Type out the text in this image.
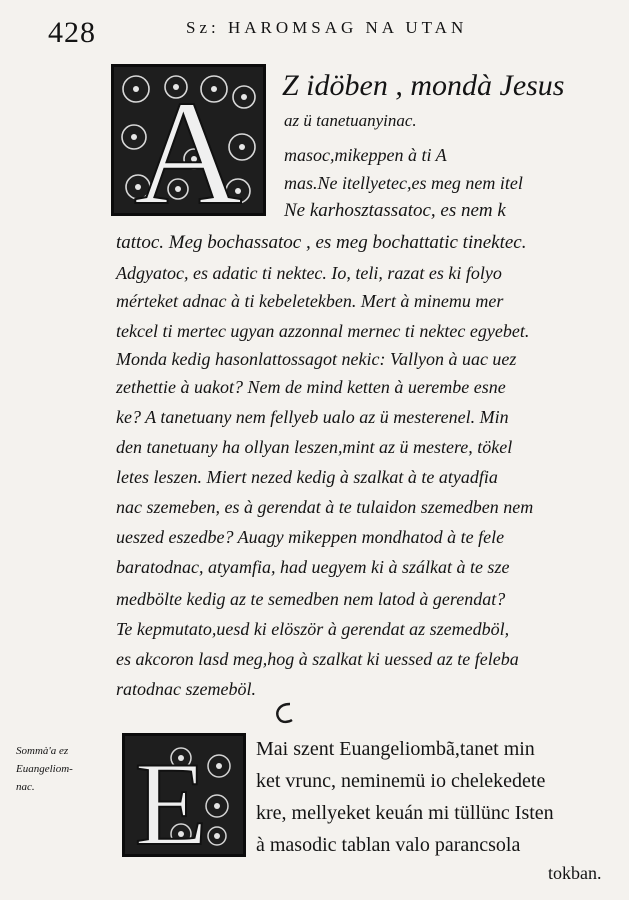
428	Sz: HAROMSAG NA UTAN
A Z idöben , mondà Jesus
az ü tanetuanyinac.
masoc,mikeppen à ti A
mas.Ne itellyetec,es meg nem itel
Ne karhosztassatoc, es nem k
tattoc. Meg bochassatoc , es meg bochattatic tinektec.
Adgyatoc, es adatic ti nektec. Io, teli, razat es ki folyo
mérteket adnac à ti kebeletekben. Mert à minemu mer
tekcel ti mertec ugyan azzonnal mernec ti nektec egyebet.
Monda kedig hasonlattossagot nekic: Vallyon à uac uez
zethettie à uakot? Nem de mind ketten à uerembe esne
ke? A tanetuany nem fellyeb ualo az ü mesterenel. Min
den tanetuany ha ollyan leszen,mint az ü mestere, tökel
letes leszen. Miert nezed kedig à szalkat à te atyadfia
nac szemeben, es à gerendat à te tulaidon szemedben nem
ueszed eszedbe? Auagy mikeppen mondhatod à te fele
baratodnac, atyamfia, had uegyem ki à szálkat à te sze
medbölte kedig az te semedben nem latod à gerendat?
Te kepmutato,uesd ki elöször à gerendat az szemedböl,
es akcoron lasd meg,hog à szalkat ki uessed az te feleba
ratodnac szemeböl.
Sommà'a ez
Euangeliom-
nac. E Mai szent Euangeliombã,tanet min
ket vrunc, neminemü io chelekedete
kre, mellyeket keuán mi tüllünc Isten
à masodic tablan valo parancsola
tokban.
